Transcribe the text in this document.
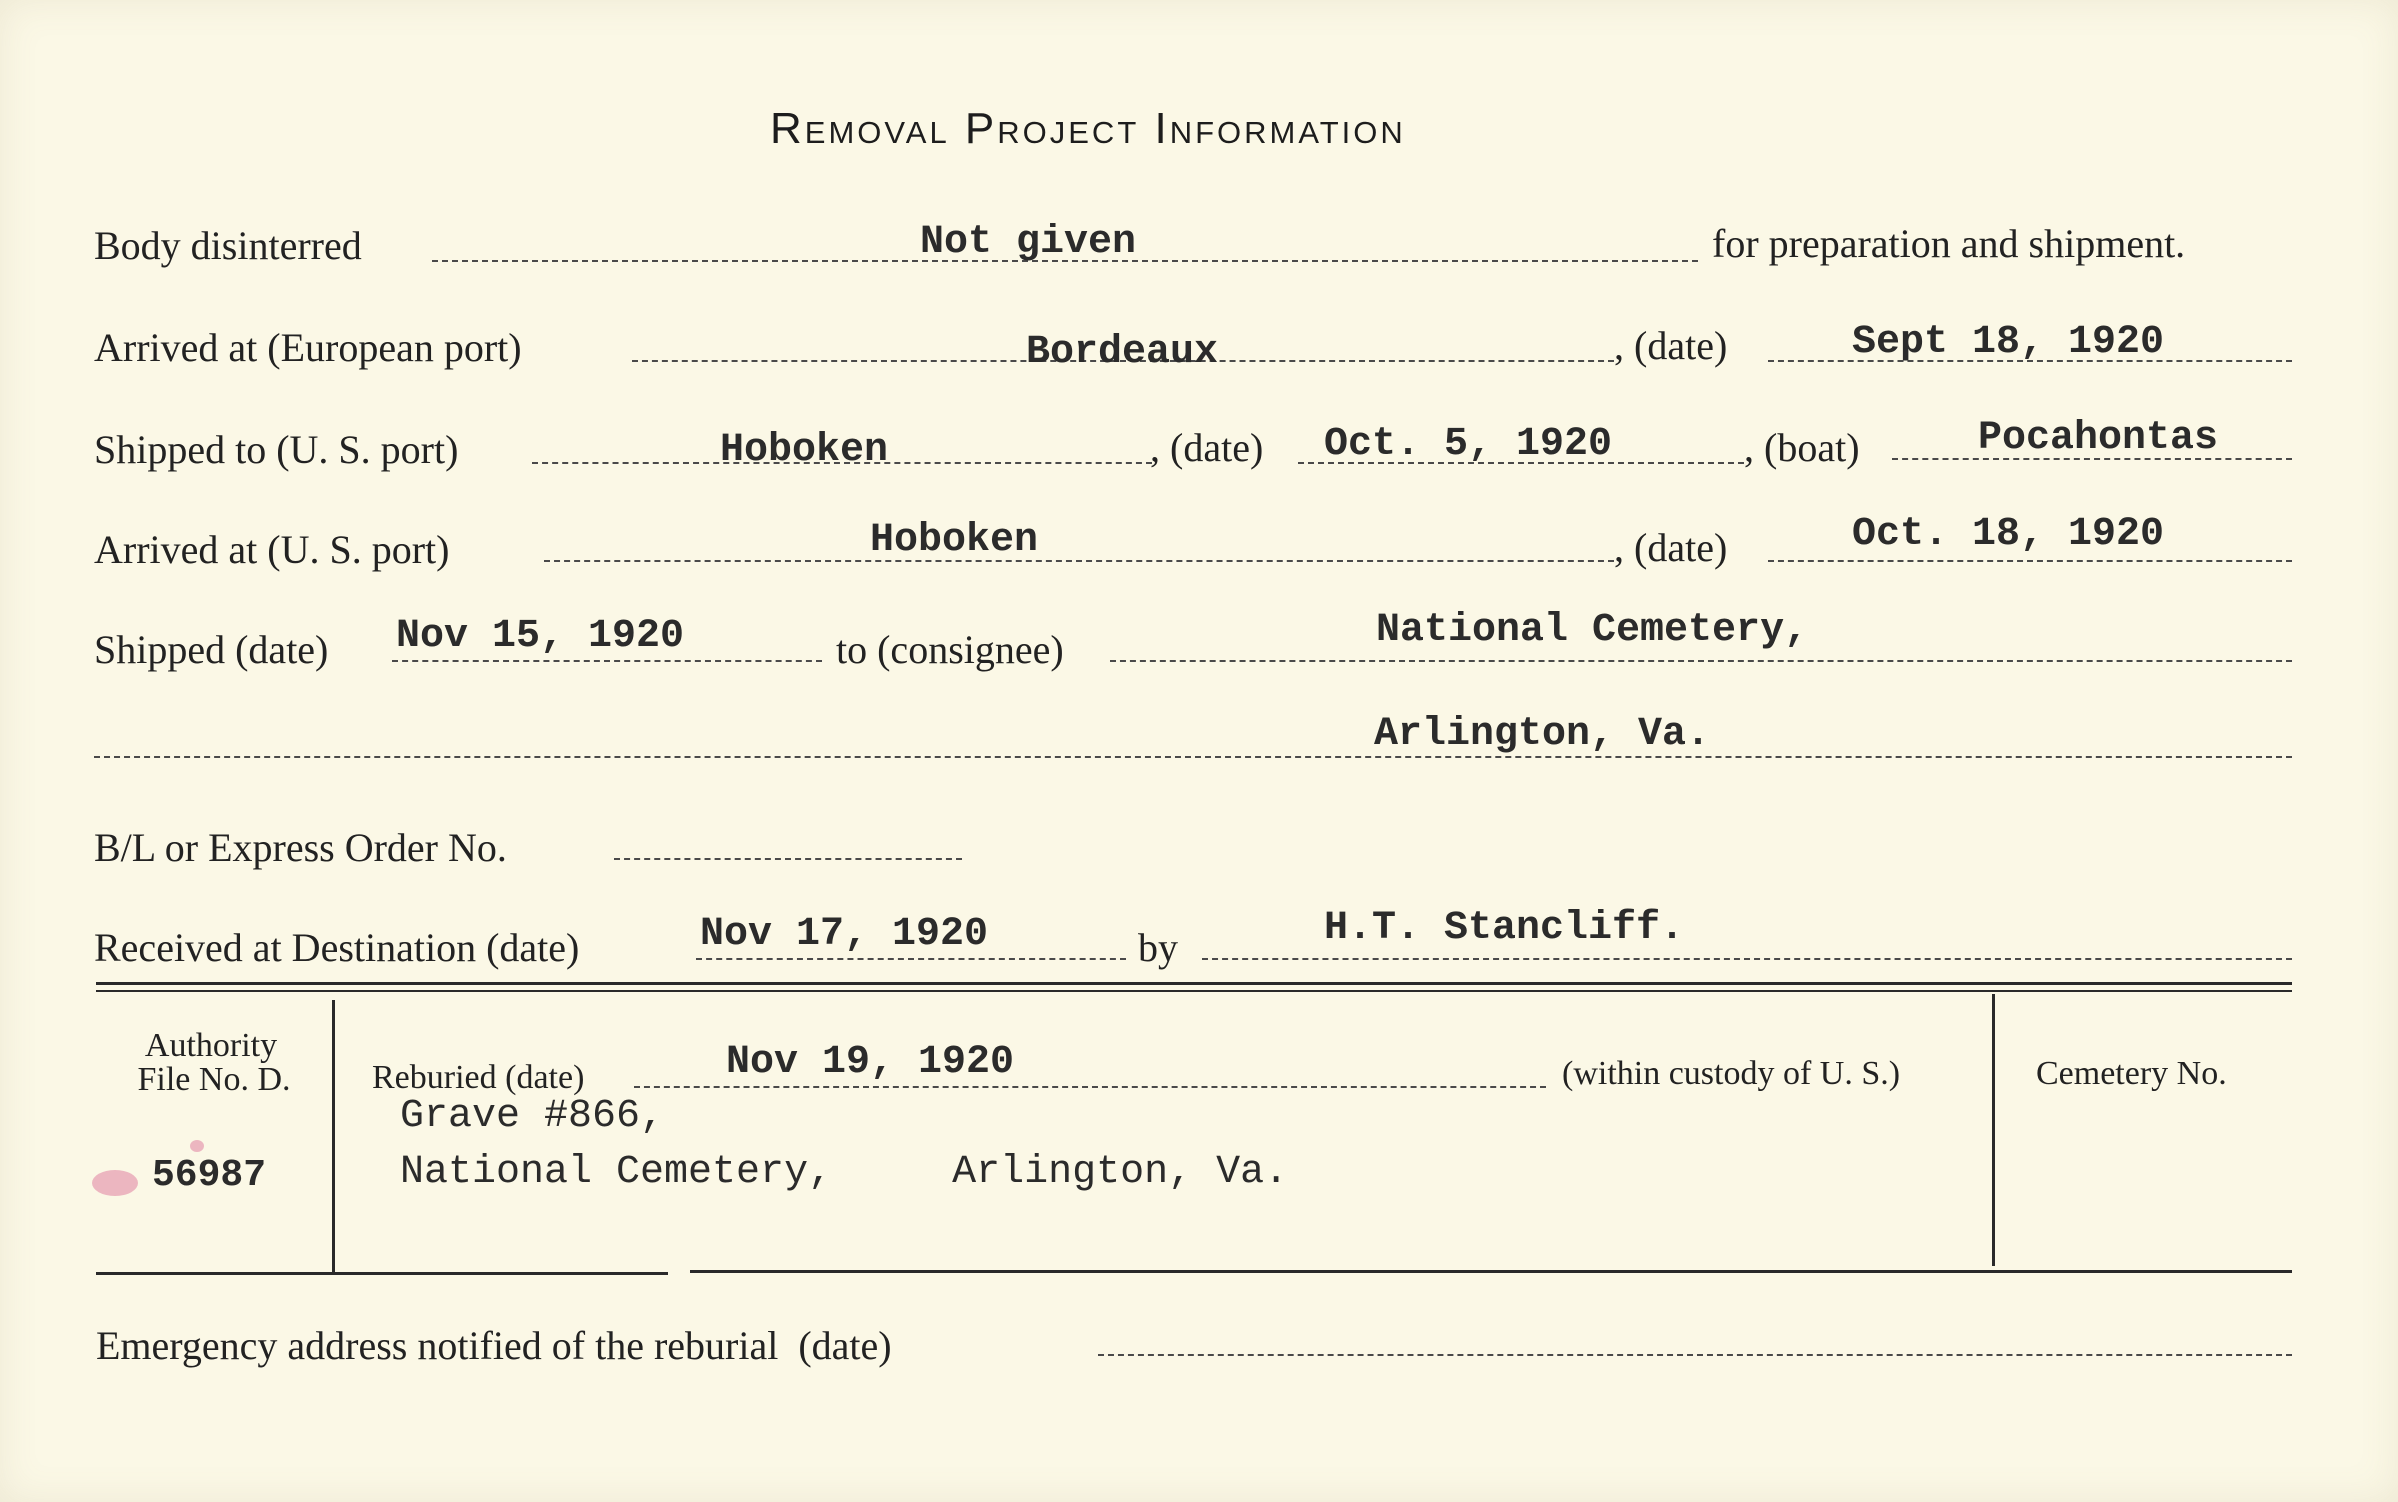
Removal Project Information
Body disinterred	Not given	for preparation and shipment.
Arrived at (European port)	Bordeaux	, (date)	Sept 18, 1920
Shipped to (U. S. port)	Hoboken	, (date) Oct. 5, 1920	, (boat)	Pocahontas
Arrived at (U. S. port)	Hoboken	, (date)	Oct. 18, 1920
Shipped (date) Nov 15, 1920	to (consignee)	National Cemetery,
Arlington, Va.
B/L or Express Order No.
Received at Destination (date)	Nov 17, 1920	by	H.T. Stancliff.
Authority
File No. D.
56987
Reburied (date)	Nov 19, 1920	(within custody of U. S.)
Grave #866,
National Cemetery,     Arlington, Va.
Cemetery No.
Emergency address notified of the reburial  (date)
